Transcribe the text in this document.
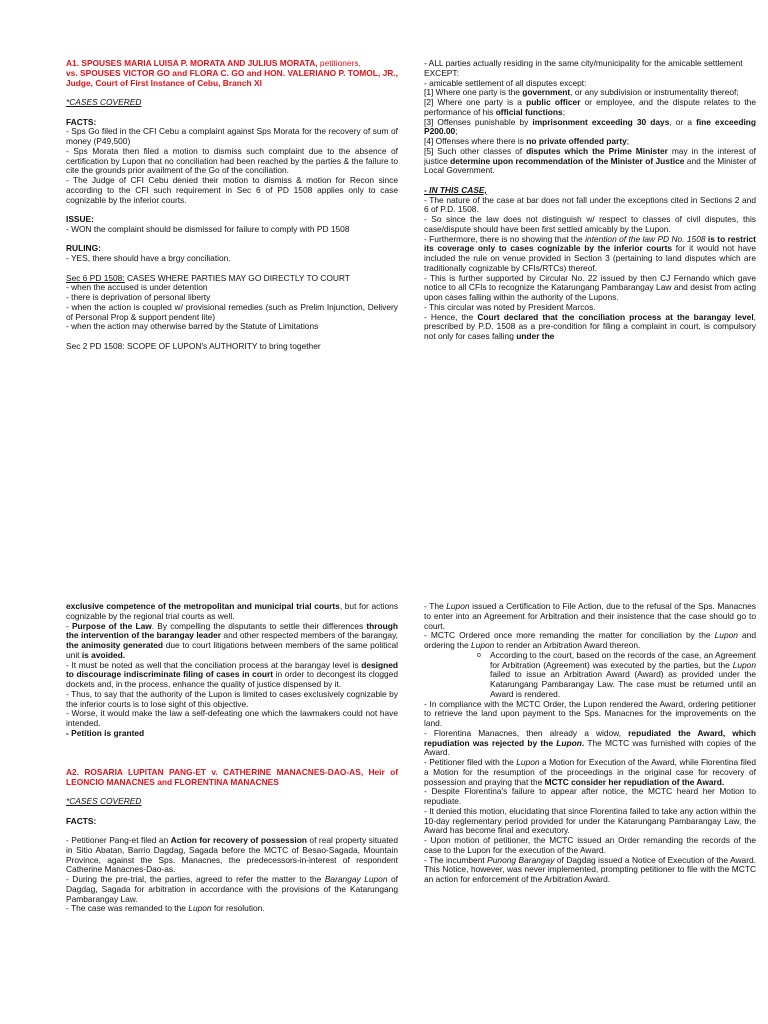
A1. SPOUSES MARIA LUISA P. MORATA AND JULIUS MORATA, petitioners,

vs. SPOUSES VICTOR GO and FLORA C. GO and HON. VALERIANO P. TOMOL, JR., Judge, Court of First Instance of Cebu, Branch XI

*CASES COVERED

FACTS:

- Sps Go filed in the CFI Cebu a complaint against Sps Morata for the recovery of sum of money (P49,500)

- Sps Morata then filed a motion to dismiss such complaint due to the absence of certification by Lupon that no conciliation had been reached by the parties & the failure to cite the grounds prior availment of the Go of the conciliation.

- The Judge of CFI Cebu denied their motion to dismiss & motion for Recon since according to the CFI such requirement in Sec 6 of PD 1508 applies only to case cognizable by the inferior courts.

ISSUE:

- WON the complaint should be dismissed for failure to comply with PD 1508

RULING:

- YES, there should have a brgy conciliation.

Sec 6 PD 1508: CASES WHERE PARTIES MAY GO DIRECTLY TO COURT

- when the accused is under detention

- there is deprivation of personal liberty

- when the action is coupled w/ provisional remedies (such as Prelim Injunction, Delivery of Personal Prop & support pendent lite)

- when the action may otherwise barred by the Statute of Limitations

Sec 2 PD 1508: SCOPE OF LUPON's AUTHORITY to bring together

- ALL parties actually residing in the same city/municipality for the amicable settlement

EXCEPT:

- amicable settlement of all disputes except:

[1] Where one party is the government, or any subdivision or instrumentality thereof;

[2] Where one party is a public officer or employee, and the dispute relates to the performance of his official functions;

[3] Offenses punishable by imprisonment exceeding 30 days, or a fine exceeding P200.00;

[4] Offenses where there is no private offended party;

[5] Such other classes of disputes which the Prime Minister may in the interest of justice determine upon recommendation of the Minister of Justice and the Minister of Local Government.

- IN THIS CASE,

- The nature of the case at bar does not fall under the exceptions cited in Sections 2 and 6 of P.D. 1508.

- So since the law does not distinguish w/ respect to classes of civil disputes, this case/dispute should have been first settled amicably by the Lupon.

- Furthermore, there is no showing that the intention of the law PD No. 1508 is to restrict its coverage only to cases cognizable by the inferior courts for it would not have included the rule on venue provided in Section 3 (pertaining to land disputes which are traditionally cognizable by CFIs/RTCs) thereof.

- This is further supported by Circular No. 22 issued by then CJ Fernando which gave notice to all CFIs to recognize the Katarungang Pambarangay Law and desist from acting upon cases falling within the authority of the Lupons.

- This circular was noted by President Marcos.

- Hence, the Court declared that the conciliation process at the barangay level, prescribed by P.D. 1508 as a pre-condition for filing a complaint in court, is compulsory not only for cases falling under the

exclusive competence of the metropolitan and municipal trial courts, but for actions cognizable by the regional trial courts as well.

- Purpose of the Law. By compelling the disputants to settle their differences through the intervention of the barangay leader and other respected members of the barangay, the animosity generated due to court litigations between members of the same political unit is avoided.

- It must be noted as well that the conciliation process at the barangay level is designed to discourage indiscriminate filing of cases in court in order to decongest its clogged dockets and, in the process, enhance the quality of justice dispensed by it.

- Thus, to say that the authority of the Lupon is limited to cases exclusively cognizable by the inferior courts is to lose sight of this objective.

- Worse, it would make the law a self-defeating one which the lawmakers could not have intended.

- Petition is granted

A2. ROSARIA LUPITAN PANG-ET v. CATHERINE MANACNES-DAO-AS, Heir of LEONCIO MANACNES and FLORENTINA MANACNES

*CASES COVERED

FACTS:

- Petitioner Pang-et filed an Action for recovery of possession of real property situated in Sitio Abatan, Barrio Dagdag, Sagada before the MCTC of Besao-Sagada, Mountain Province, against the Sps. Manacnes, the predecessors-in-interest of respondent Catherine Manacnes-Dao-as.

- During the pre-trial, the parties, agreed to refer the matter to the Barangay Lupon of Dagdag, Sagada for arbitration in accordance with the provisions of the Katarungang Pambarangay Law.

- The case was remanded to the Lupon for resolution.

- The Lupon issued a Certification to File Action, due to the refusal of the Sps. Manacnes to enter into an Agreement for Arbitration and their insistence that the case should go to court.

- MCTC Ordered once more remanding the matter for conciliation by the Lupon and ordering the Lupon to render an Arbitration Award thereon.

o	According to the court, based on the records of the case, an Agreement for Arbitration (Agreement) was executed by the parties, but the Lupon failed to issue an Arbitration Award (Award) as provided under the Katarungang Pambarangay Law. The case must be returned until an Award is rendered.

- In compliance with the MCTC Order, the Lupon rendered the Award, ordering petitioner to retrieve the land upon payment to the Sps. Manacnes for the improvements on the land.

- Florentina Manacnes, then already a widow, repudiated the Award, which repudiation was rejected by the Lupon. The MCTC was furnished with copies of the Award.

- Petitioner filed with the Lupon a Motion for Execution of the Award, while Florentina filed a Motion for the resumption of the proceedings in the original case for recovery of possession and praying that the MCTC consider her repudiation of the Award.

- Despite Florentina's failure to appear after notice, the MCTC heard her Motion to repudiate.

- It denied this motion, elucidating that since Florentina failed to take any action within the 10-day reglementary period provided for under the Katarungang Pambarangay Law, the Award has become final and executory.

- Upon motion of petitioner, the MCTC issued an Order remanding the records of the case to the Lupon for the execution of the Award.

- The incumbent Punong Barangay of Dagdag issued a Notice of Execution of the Award. This Notice, however, was never implemented, prompting petitioner to file with the MCTC an action for enforcement of the Arbitration Award.
